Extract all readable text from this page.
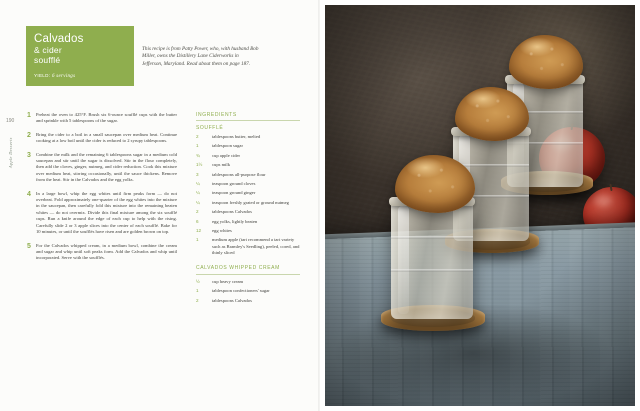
190
Apple Desserts
Calvados

& cider
soufflé
YIELD: 6 servings
This recipe is from Patty Power, who, with husband Bob Miller, owns the Distillery Lane Ciderworks in Jefferson, Maryland. Read about them on page 187.
1	Preheat the oven to 425°F. Brush six 6-ounce soufflé cups with the butter and sprinkle with 5 tablespoons of the sugar.
2	Bring the cider to a boil in a small saucepan over medium heat. Continue cooking at a low boil until the cider is reduced to 2 syrupy tablespoons.
3	Combine the milk and the remaining 6 tablespoons sugar in a medium cold saucepan and stir until the sugar is dissolved. Stir in the flour completely, then add the cloves, ginger, nutmeg, and cider reduction. Cook this mixture over medium heat, stirring occasionally, until the sauce thickens. Remove from the heat. Stir in the Calvados and the egg yolks.
4	In a large bowl, whip the egg whites until firm peaks form — do not overbeat. Fold approximately one-quarter of the egg whites into the mixture in the saucepan, then carefully fold this mixture into the remaining beaten whites — do not overmix. Divide this final mixture among the six soufflé cups. Run a knife around the edge of each cup to help with the rising. Carefully slide 2 or 3 apple slices into the center of each soufflé. Bake for 10 minutes, or until the soufflés have risen and are golden brown on top.
5	For the Calvados whipped cream, in a medium bowl, combine the cream and sugar and whip until soft peaks form. Add the Calvados and whip until incorporated. Serve with the soufflés.
INGREDIENTS
SOUFFLÉ
2	tablespoons butter, melted
1	tablespoon sugar
¾	cup apple cider
1½	cups milk
3	tablespoons all-purpose flour
¼	teaspoon ground cloves
¼	teaspoon ground ginger
¼	teaspoon freshly grated or ground nutmeg
2	tablespoons Calvados
6	egg yolks, lightly beaten
12	egg whites
1	medium apple (tart recommend a tart variety such as Bramley's Seedling), peeled, cored, and thinly sliced
CALVADOS WHIPPED CREAM
½	cup heavy cream
1	tablespoon confectioners' sugar
2	tablespoons Calvados
